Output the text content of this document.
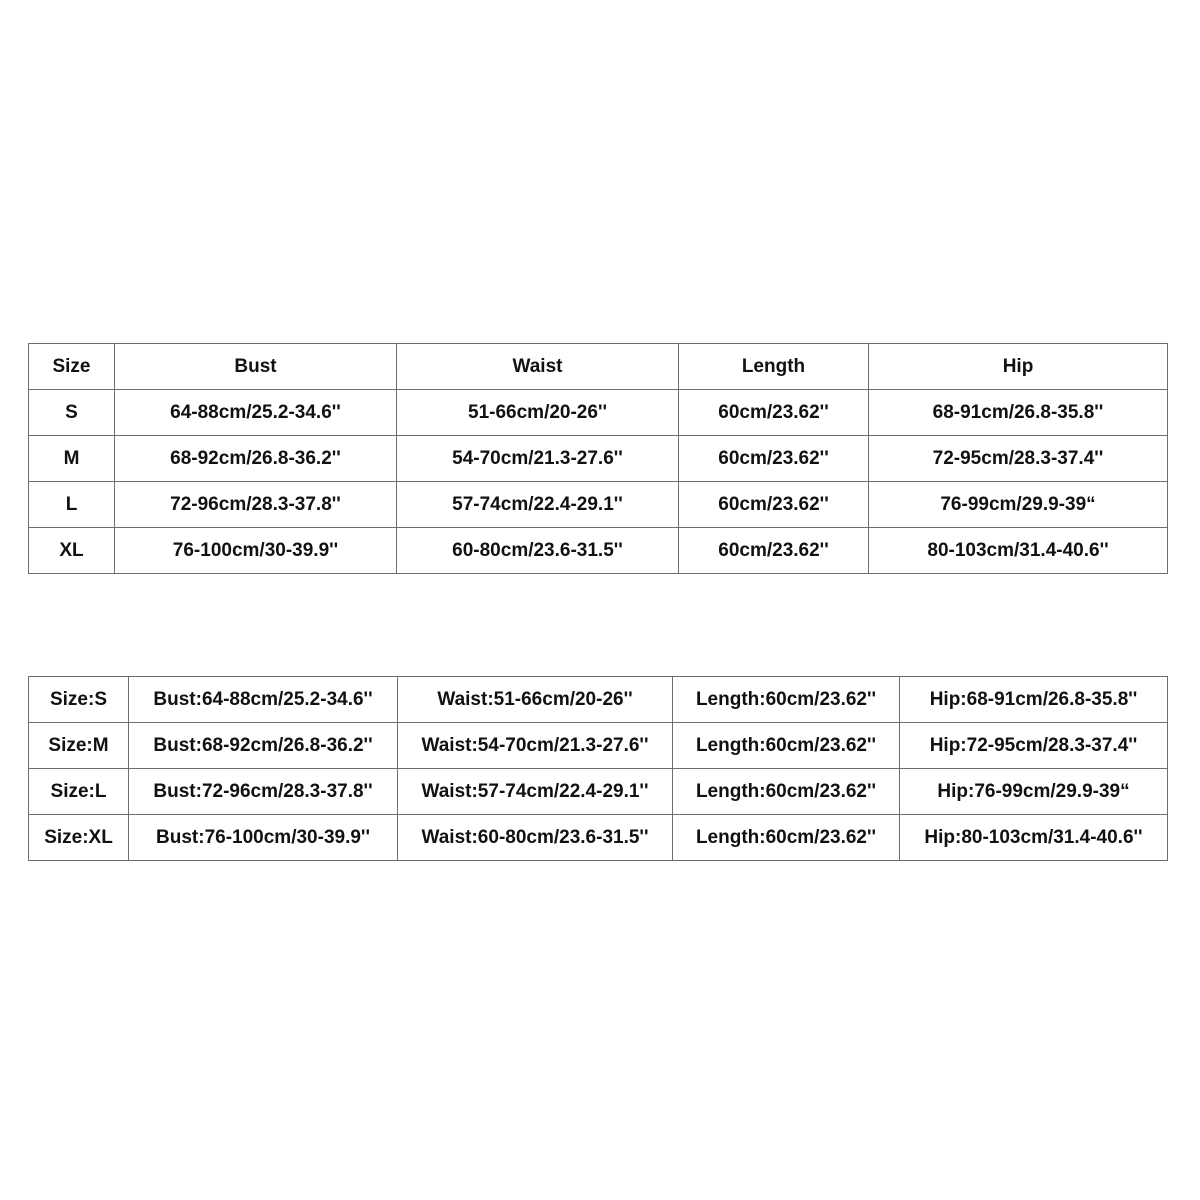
Size	Bust	Waist	Length	Hip
S	64-88cm/25.2-34.6''	51-66cm/20-26''	60cm/23.62''	68-91cm/26.8-35.8''
M	68-92cm/26.8-36.2''	54-70cm/21.3-27.6''	60cm/23.62''	72-95cm/28.3-37.4''
L	72-96cm/28.3-37.8''	57-74cm/22.4-29.1''	60cm/23.62''	76-99cm/29.9-39“
XL	76-100cm/30-39.9''	60-80cm/23.6-31.5''	60cm/23.62''	80-103cm/31.4-40.6''
Size:S	Bust:64-88cm/25.2-34.6''	Waist:51-66cm/20-26''	Length:60cm/23.62''	Hip:68-91cm/26.8-35.8''
Size:M	Bust:68-92cm/26.8-36.2''	Waist:54-70cm/21.3-27.6''	Length:60cm/23.62''	Hip:72-95cm/28.3-37.4''
Size:L	Bust:72-96cm/28.3-37.8''	Waist:57-74cm/22.4-29.1''	Length:60cm/23.62''	Hip:76-99cm/29.9-39“
Size:XL	Bust:76-100cm/30-39.9''	Waist:60-80cm/23.6-31.5''	Length:60cm/23.62''	Hip:80-103cm/31.4-40.6''
